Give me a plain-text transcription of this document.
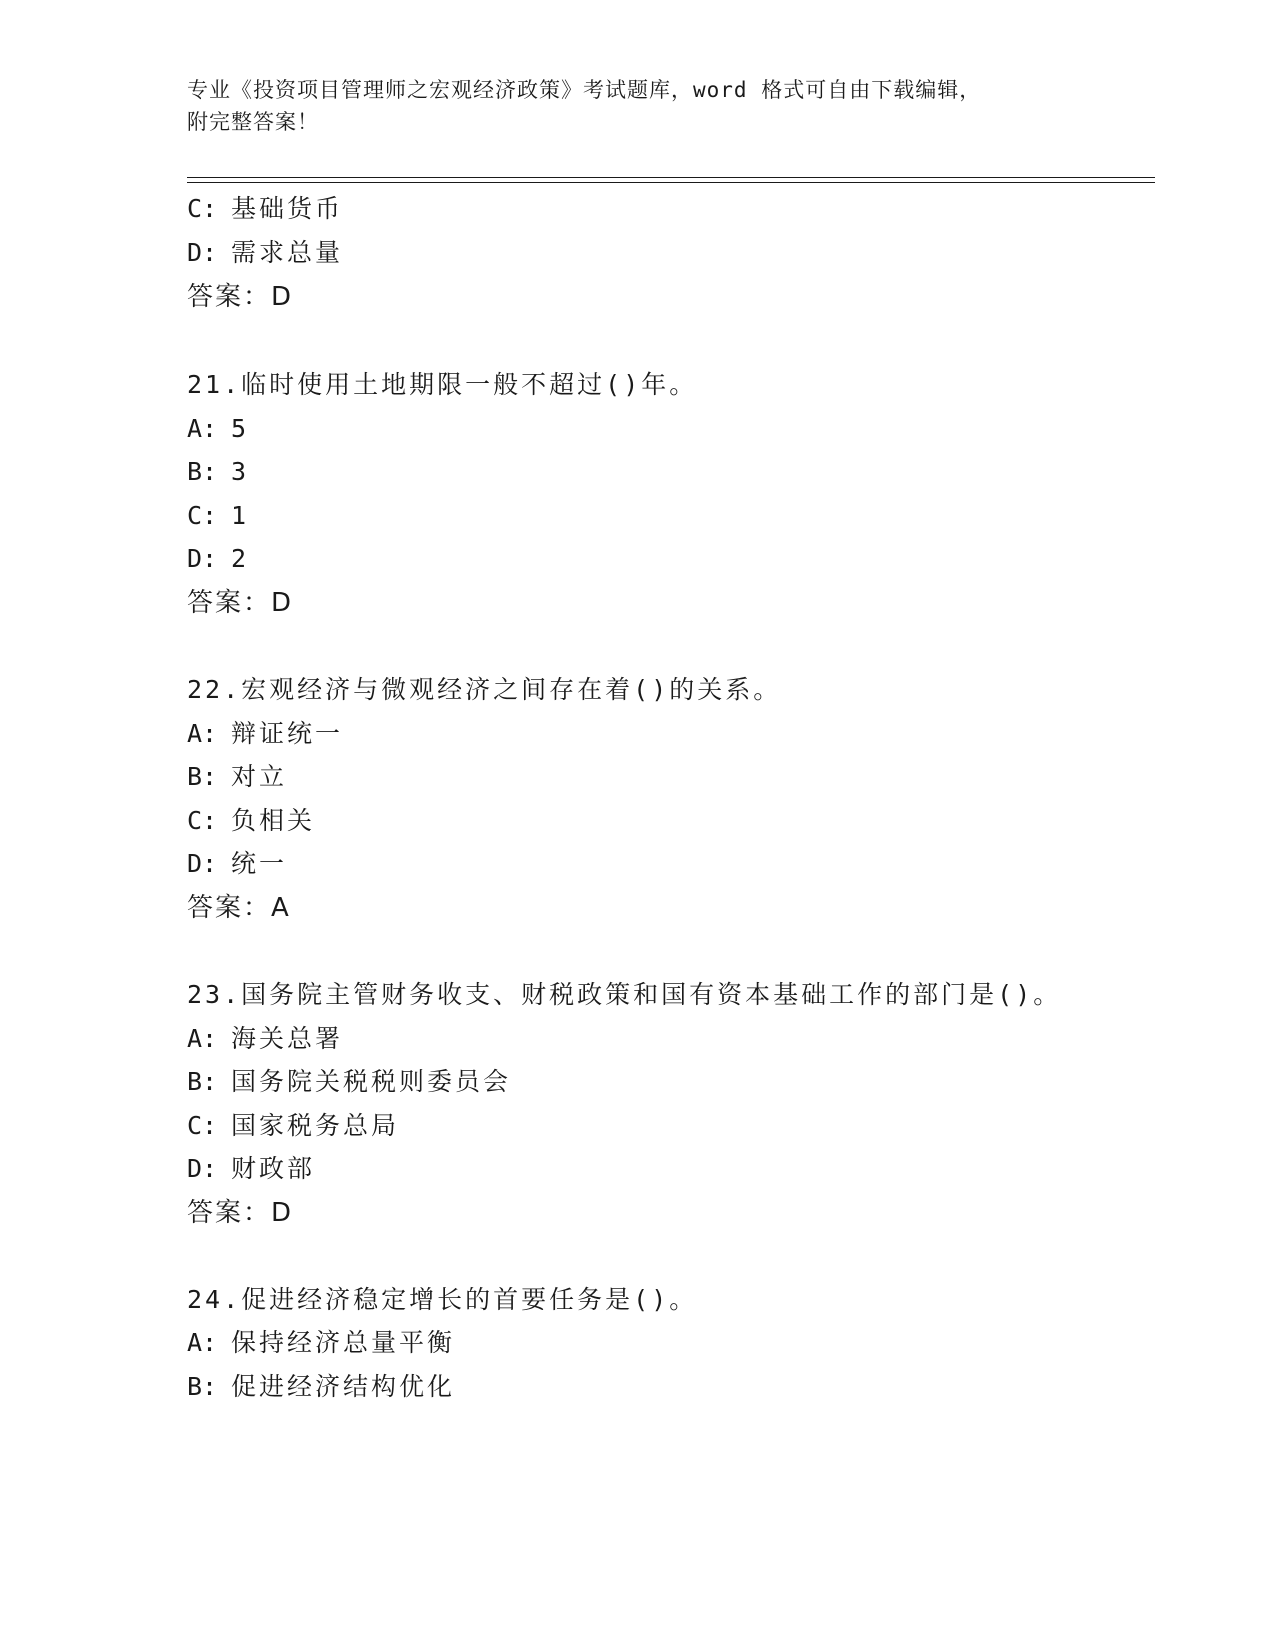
专业《投资项目管理师之宏观经济政策》考试题库，word 格式可自由下载编辑，
附完整答案！
C: 基础货币
D: 需求总量
答案：D
21.临时使用土地期限一般不超过()年。
A: 5
B: 3
C: 1
D: 2
答案：D
22.宏观经济与微观经济之间存在着()的关系。
A: 辩证统一
B: 对立
C: 负相关
D: 统一
答案：A
23.国务院主管财务收支、财税政策和国有资本基础工作的部门是()。
A: 海关总署
B: 国务院关税税则委员会
C: 国家税务总局
D: 财政部
答案：D
24.促进经济稳定增长的首要任务是()。
A: 保持经济总量平衡
B: 促进经济结构优化
